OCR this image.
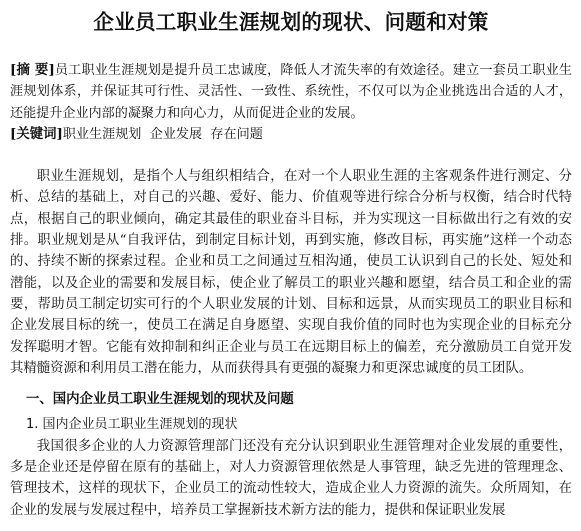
企业员工职业生涯规划的现状、问题和对策
[摘 要]员工职业生涯规划是提升员工忠诚度，降低人才流失率的有效途径。建立一套员工职业生涯规划体系，并保证其可行性、灵活性、一致性、系统性，不仅可以为企业挑选出合适的人才，还能提升企业内部的凝聚力和向心力，从而促进企业的发展。
[关键词]职业生涯规划  企业发展  存在问题

职业生涯规划，是指个人与组织相结合，在对一个人职业生涯的主客观条件进行测定、分析、总结的基础上，对自己的兴趣、爱好、能力、价值观等进行综合分析与权衡，结合时代特点，根据自己的职业倾向，确定其最佳的职业奋斗目标，并为实现这一目标做出行之有效的安排。职业规划是从“自我评估，到制定目标计划，再到实施，修改目标，再实施”这样一个动态的、持续不断的探索过程。企业和员工之间通过互相沟通，使员工认识到自己的长处、短处和潜能，以及企业的需要和发展目标，使企业了解员工的职业兴趣和愿望，结合员工和企业的需要，帮助员工制定切实可行的个人职业发展的计划、目标和远景，从而实现员工的职业目标和企业发展目标的统一，使员工在满足自身愿望、实现自我价值的同时也为实现企业的目标充分发挥聪明才智。它能有效抑制和纠正企业与员工在远期目标上的偏差，充分激励员工自觉开发其精髓资源和利用员工潜在能力，从而获得具有更强的凝聚力和更深忠诚度的员工团队。

一、国内企业员工职业生涯规划的现状及问题
1. 国内企业员工职业生涯规划的现状

我国很多企业的人力资源管理部门还没有充分认识到职业生涯管理对企业发展的重要性，多是企业还是停留在原有的基础上，对人力资源管理依然是人事管理，缺乏先进的管理理念、管理技术，这样的现状下，企业员工的流动性较大，造成企业人力资源的流失。众所周知，在企业的发展与发展过程中，培养员工掌握新技术新方法的能力，提供和保证职业发展
